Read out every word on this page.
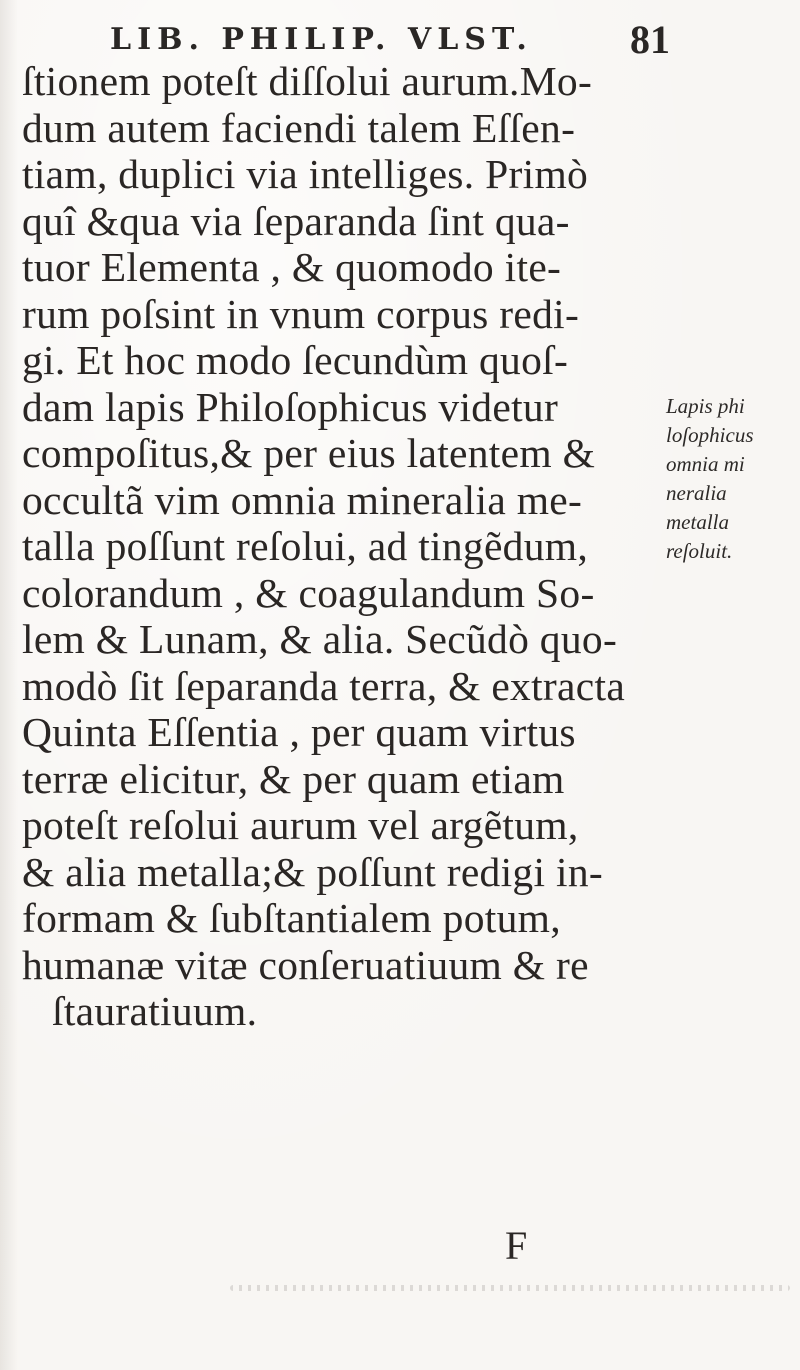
LIB. PHILIP. VLST. 81
ſtionem poteſt diſſolui aurum.Mo-
dum autem faciendi talem Eſſen-
tiam, duplici via intelliges. Primò
quî &qua via ſeparanda ſint qua-
tuor Elementa , & quomodo ite-
rum poſsint in vnum corpus redi-
gi. Et hoc modo ſecundùm quoſ-
dam lapis Philoſophicus videtur
compoſitus,& per eius latentem &
occultã vim omnia mineralia me-
talla poſſunt reſolui, ad tingẽdum,
colorandum , & coagulandum So-
lem & Lunam, & alia. Secũdò quo-
modò ſit ſeparanda terra, & extracta
Quinta Eſſentia , per quam virtus
terræ elicitur, & per quam etiam
poteſt reſolui aurum vel argẽtum,
& alia metalla;& poſſunt redigi in-
formam & ſubſtantialem potum,
humanæ vitæ conſeruatiuum & re
ſtauratiuum.
Lapis phi
loſophicus
omnia mi
neralia
metalla
reſoluit.
F
